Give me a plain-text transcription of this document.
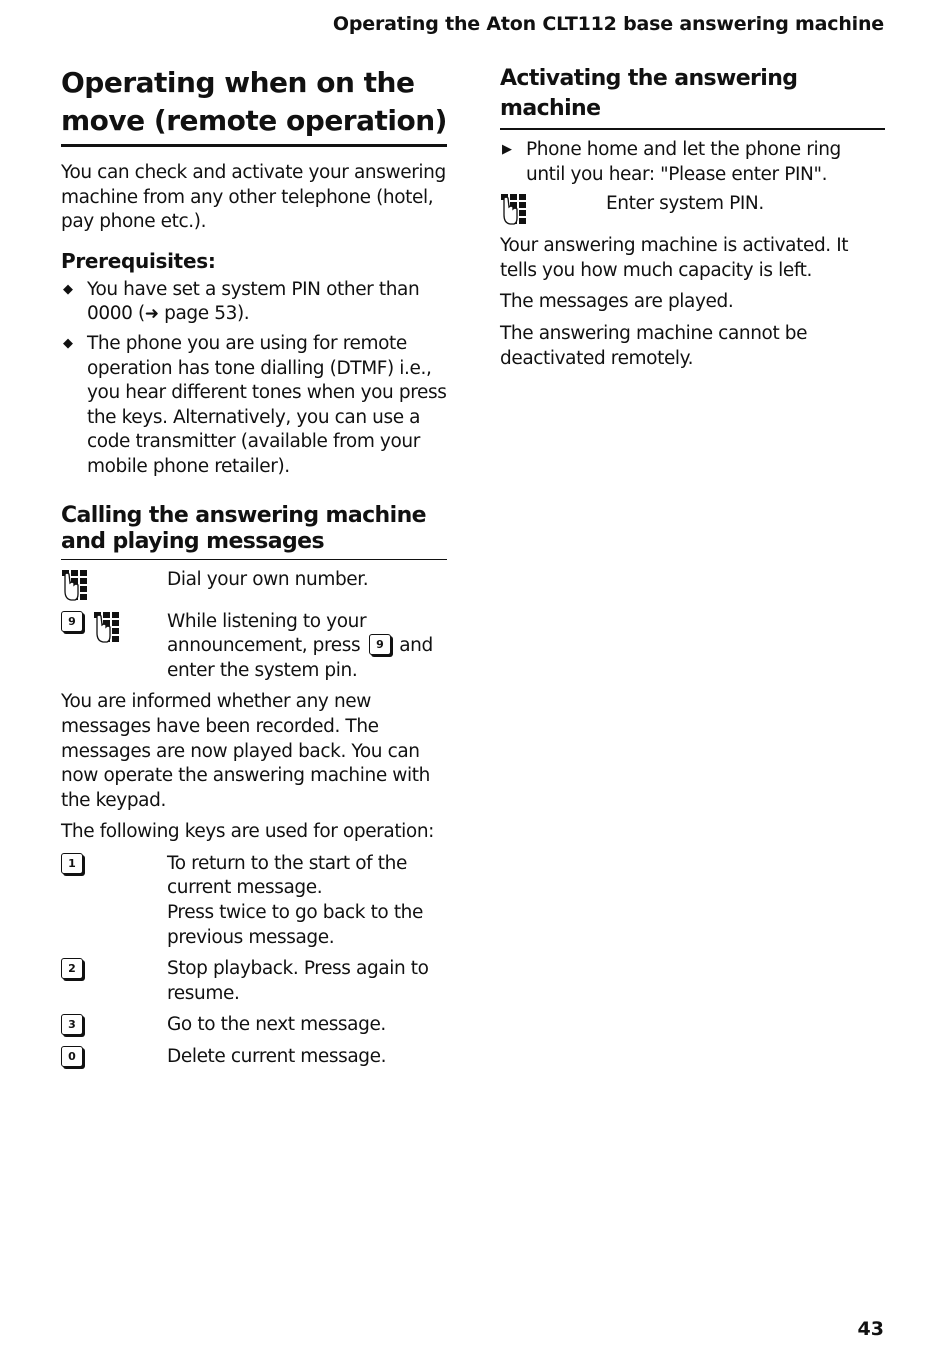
Operating the Aton CLT112 base answering machine
Operating when on the move (remote operation)

You can check and activate your answering machine from any other telephone (hotel, pay phone etc.).

Prerequisites:
◆ You have set a system PIN other than 0000 (➜ page 53).
◆ The phone you are using for remote operation has tone dialling (DTMF) i.e., you hear different tones when you press the keys. Alternatively, you can use a code transmitter (available from your mobile phone retailer).
Calling the answering machine and playing messages
Dial your own number.
9	While listening to your announcement, press 9 and enter the system pin.

You are informed whether any new messages have been recorded. The messages are now played back. You can now operate the answering machine with the keypad.

The following keys are used for operation:

1	To return to the start of the current message.
Press twice to go back to the previous message.
2	Stop playback. Press again to resume.
3	Go to the next message.
0	Delete current message.
Activating the answering machine
▶ Phone home and let the phone ring until you hear: "Please enter PIN".
Enter system PIN.

Your answering machine is activated. It tells you how much capacity is left.

The messages are played.

The answering machine cannot be deactivated remotely.

43
